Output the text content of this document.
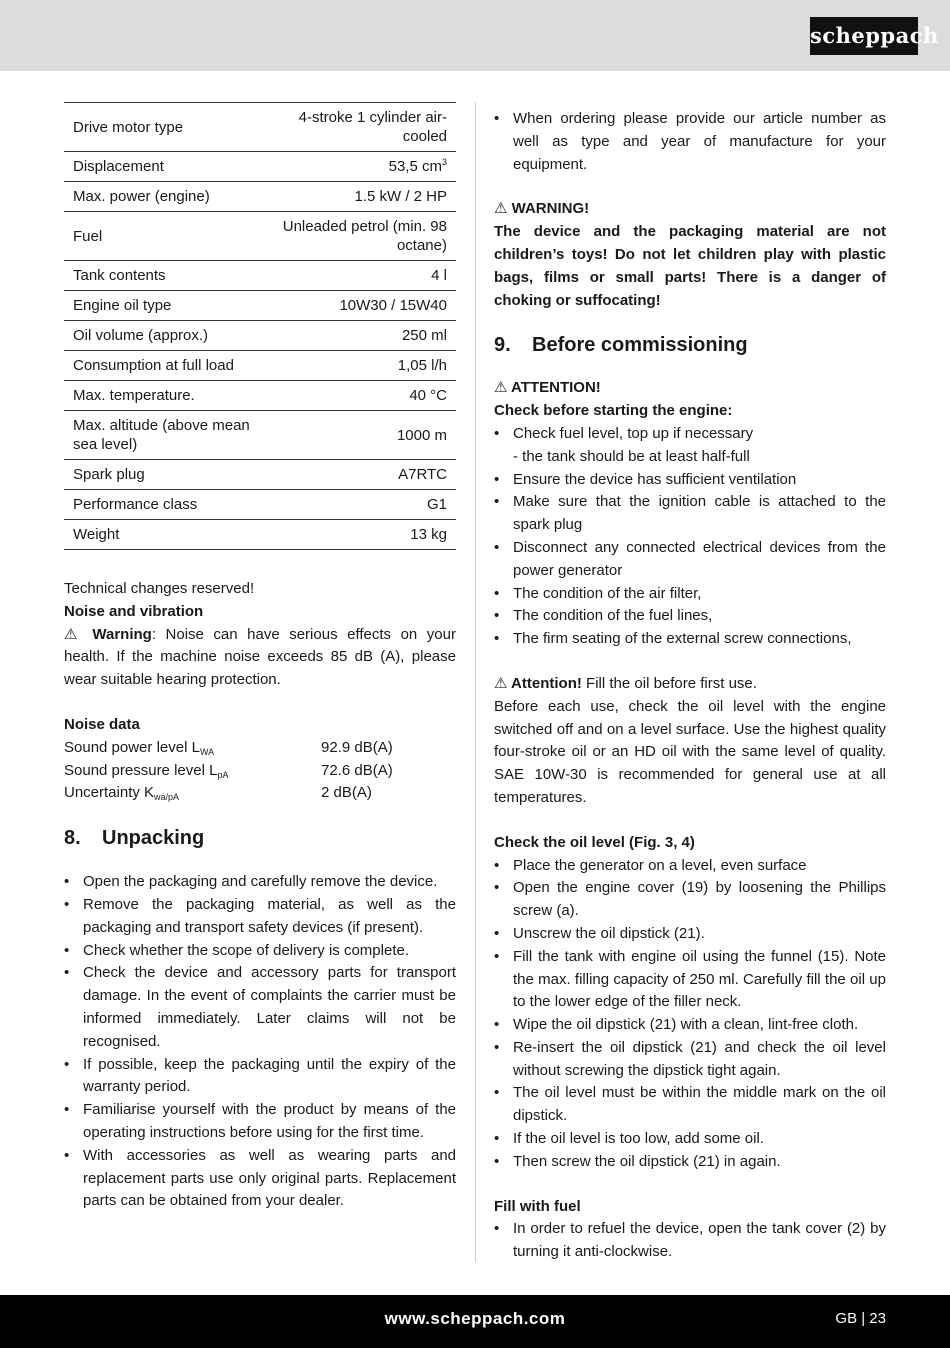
scheppach
Drive motor type	4-stroke 1 cylinder air-cooled
Displacement	53,5 $cm^3$
Max. power (engine)	1.5 kW / 2 HP
Fuel	Unleaded petrol (min. 98 octane)
Tank contents	4 l
Engine oil type	10W30 / 15W40
Oil volume (approx.)	250 ml
Consumption at full load	1,05 l/h
Max. temperature.	40 °C
Max. altitude (above mean sea level)	1000 m
Spark plug	A7RTC
Performance class	G1
Weight	13 kg

Technical changes reserved!

Noise and vibration

⚠ Warning: Noise can have serious effects on your health. If the machine noise exceeds 85 dB (A), please wear suitable hearing protection.

Noise data

Sound power level $L_{WA}$	92.9 dB(A)
Sound pressure level $L_{pA}$	72.6 dB(A)
Uncertainty $K_{wa/pA}$	2 dB(A)
8.	Unpacking
• Open the packaging and carefully remove the device.
• Remove the packaging material, as well as the packaging and transport safety devices (if present).
• Check whether the scope of delivery is complete.
• Check the device and accessory parts for transport damage. In the event of complaints the carrier must be informed immediately. Later claims will not be recognised.
• If possible, keep the packaging until the expiry of the warranty period.
• Familiarise yourself with the product by means of the operating instructions before using for the first time.
• With accessories as well as wearing parts and replacement parts use only original parts. Replacement parts can be obtained from your dealer.
• When ordering please provide our article number as well as type and year of manufacture for your equipment.

⚠ WARNING!

The device and the packaging material are not children’s toys! Do not let children play with plastic bags, films or small parts! There is a danger of choking or suffocating!

9.	Before commissioning

⚠ ATTENTION!

Check before starting the engine:

• Check fuel level, top up if necessary
- the tank should be at least half-full
• Ensure the device has sufficient ventilation
• Make sure that the ignition cable is attached to the spark plug
• Disconnect any connected electrical devices from the power generator
• The condition of the air filter,
• The condition of the fuel lines,
• The firm seating of the external screw connections,

⚠ Attention! Fill the oil before first use.

Before each use, check the oil level with the engine switched off and on a level surface. Use the highest quality four-stroke oil or an HD oil with the same level of quality. SAE 10W-30 is recommended for general use at all temperatures.

Check the oil level (Fig. 3, 4)

• Place the generator on a level, even surface
• Open the engine cover (19) by loosening the Phillips screw (a).
• Unscrew the oil dipstick (21).
• Fill the tank with engine oil using the funnel (15). Note the max. filling capacity of 250 ml. Carefully fill the oil up to the lower edge of the filler neck.
• Wipe the oil dipstick (21) with a clean, lint-free cloth.
• Re-insert the oil dipstick (21) and check the oil level without screwing the dipstick tight again.
• The oil level must be within the middle mark on the oil dipstick.
• If the oil level is too low, add some oil.
• Then screw the oil dipstick (21) in again.

Fill with fuel

• In order to refuel the device, open the tank cover (2) by turning it anti-clockwise.
www.scheppach.com	GB | 23
